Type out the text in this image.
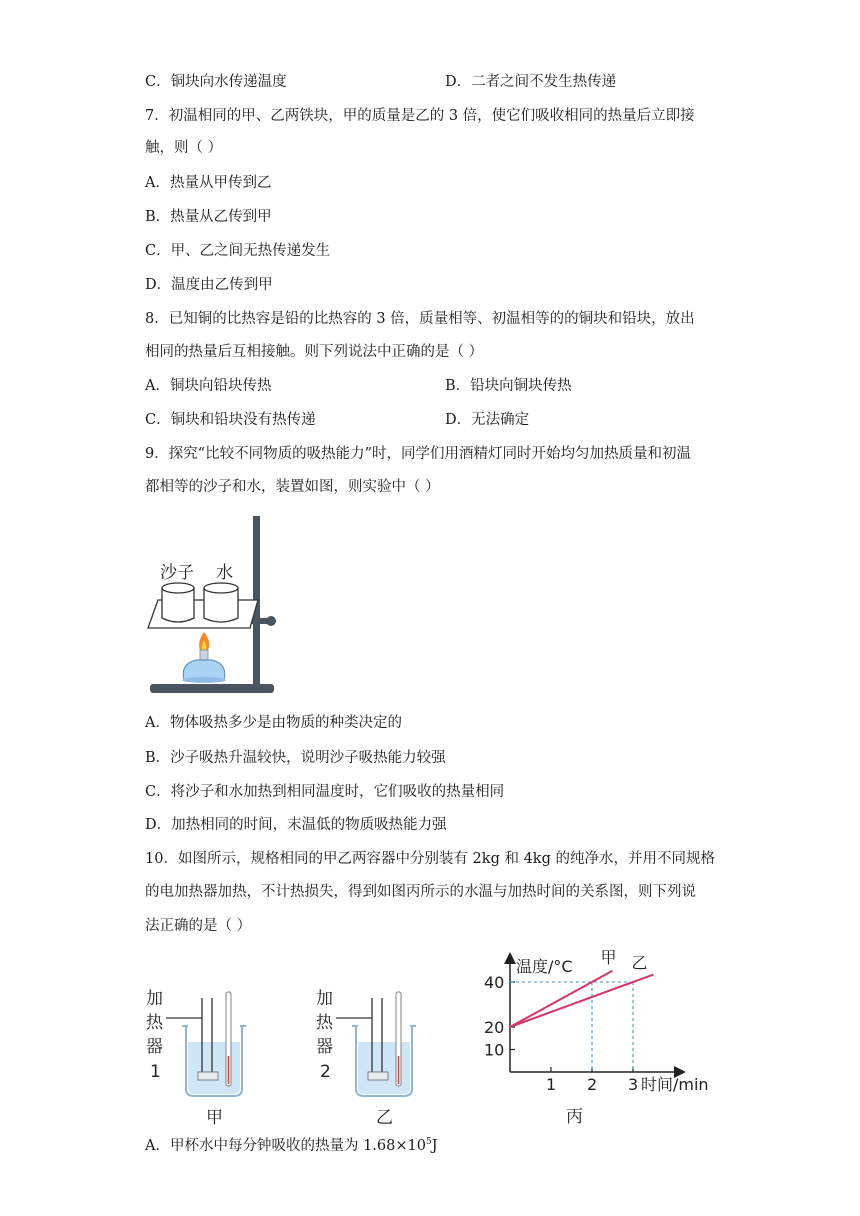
C．铜块向水传递温度	D．二者之间不发生热传递
7．初温相同的甲、乙两铁块，甲的质量是乙的 3 倍，使它们吸收相同的热量后立即接
触，则（ ）
A．热量从甲传到乙
B．热量从乙传到甲
C．甲、乙之间无热传递发生
D．温度由乙传到甲
8．已知铜的比热容是铅的比热容的 3 倍，质量相等、初温相等的的铜块和铅块，放出
相同的热量后互相接触。则下列说法中正确的是（ ）
A．铜块向铅块传热	B．铅块向铜块传热
C．铜块和铅块没有热传递	D．无法确定
9．探究“比较不同物质的吸热能力”时，同学们用酒精灯同时开始均匀加热质量和初温
都相等的沙子和水，装置如图，则实验中（ ）
沙子 水
A．物体吸热多少是由物质的种类决定的
B．沙子吸热升温较快，说明沙子吸热能力较强
C．将沙子和水加热到相同温度时，它们吸收的热量相同
D．加热相同的时间，末温低的物质吸热能力强
10．如图所示，规格相同的甲乙两容器中分别装有 2kg 和 4kg 的纯净水，并用不同规格
的电加热器加热，不计热损失，得到如图丙所示的水温与加热时间的关系图，则下列说
法正确的是（ ）
加
热
器
1
甲
加
热
器
2
乙
温度/°C
时间/min
1 2 3
10
20
40
甲 乙
丙
A．甲杯水中每分钟吸收的热量为 $1.68\times 10^5J$
